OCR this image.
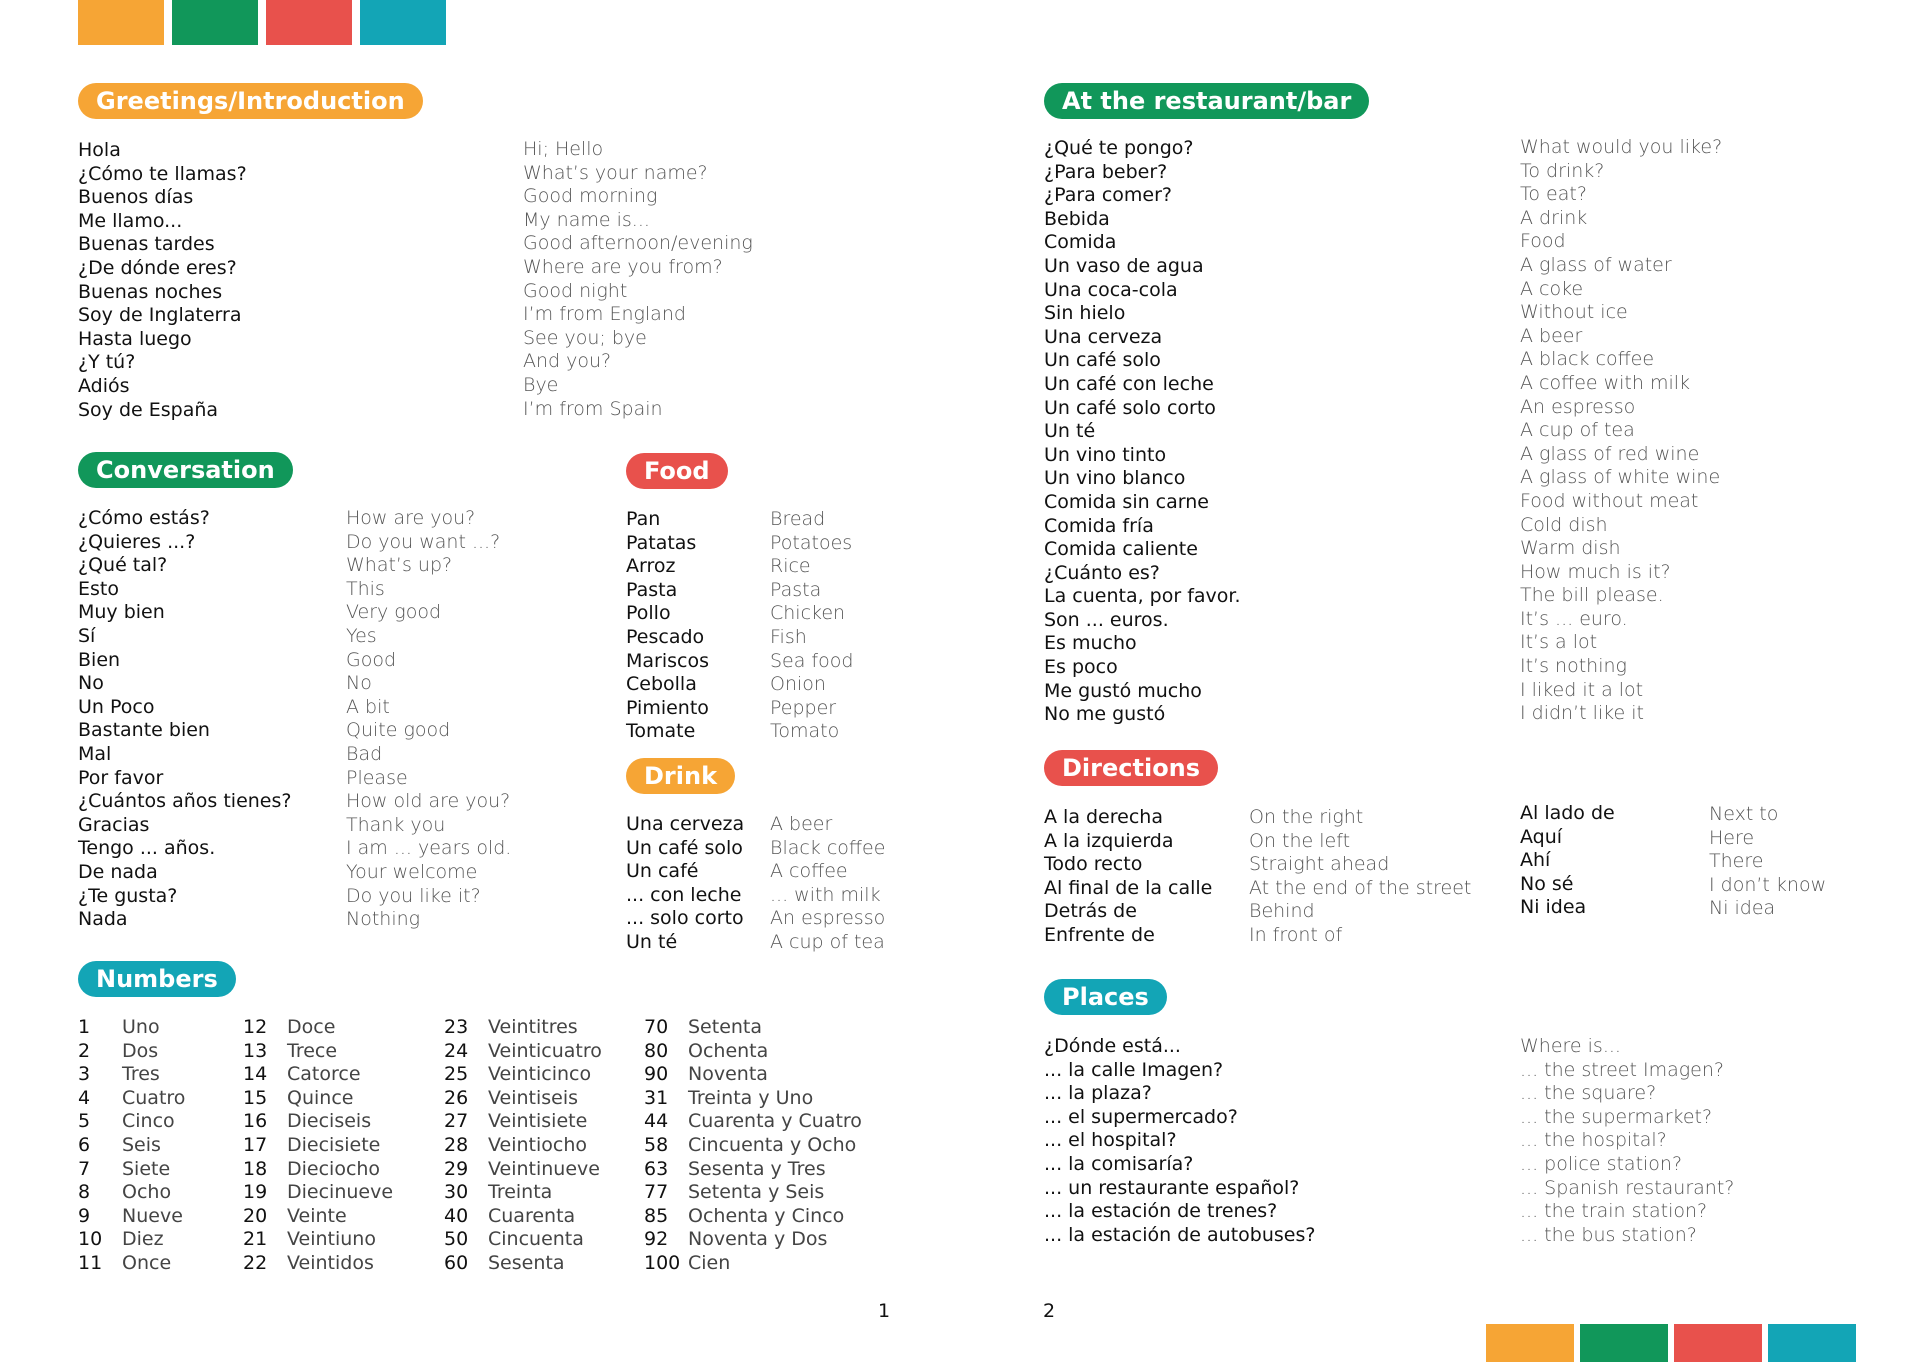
Greetings/Introduction
Hola
¿Cómo te llamas?
Buenos días
Me llamo...
Buenas tardes
¿De dónde eres?
Buenas noches
Soy de Inglaterra
Hasta luego
¿Y tú?
Adiós
Soy de España
Hi; Hello
What’s your name?
Good morning
My name is...
Good afternoon/evening
Where are you from?
Good night
I’m from England
See you; bye
And you?
Bye
I’m from Spain
Conversation
¿Cómo estás?
¿Quieres ...?
¿Qué tal?
Esto
Muy bien
Sí
Bien
No
Un Poco
Bastante bien
Mal
Por favor
¿Cuántos años tienes?
Gracias
Tengo ... años.
De nada
¿Te gusta?
Nada
How are you?
Do you want ...?
What’s up?
This
Very good
Yes
Good
No
A bit
Quite good
Bad
Please
How old are you?
Thank you
I am ... years old.
Your welcome
Do you like it?
Nothing
Food
Pan
Patatas
Arroz
Pasta
Pollo
Pescado
Mariscos
Cebolla
Pimiento
Tomate
Bread
Potatoes
Rice
Pasta
Chicken
Fish
Sea food
Onion
Pepper
Tomato
Drink
Una cerveza
Un café solo
Un café
... con leche
... solo corto
Un té
A beer
Black coffee
A coffee
... with milk
An espresso
A cup of tea
Numbers
1 Uno
2 Dos
3 Tres
4 Cuatro
5 Cinco
6 Seis
7 Siete
8 Ocho
9 Nueve
10 Diez
11 Once
12 Doce
13 Trece
14 Catorce
15 Quince
16 Dieciseis
17 Diecisiete
18 Dieciocho
19 Diecinueve
20 Veinte
21 Veintiuno
22 Veintidos
23 Veintitres
24 Veinticuatro
25 Veinticinco
26 Veintiseis
27 Veintisiete
28 Veintiocho
29 Veintinueve
30 Treinta
40 Cuarenta
50 Cincuenta
60 Sesenta
70 Setenta
80 Ochenta
90 Noventa
31 Treinta y Uno
44 Cuarenta y Cuatro
58 Cincuenta y Ocho
63 Sesenta y Tres
77 Setenta y Seis
85 Ochenta y Cinco
92 Noventa y Dos
100 Cien
1	2
At the restaurant/bar
¿Qué te pongo?
¿Para beber?
¿Para comer?
Bebida
Comida
Un vaso de agua
Una coca-cola
Sin hielo
Una cerveza
Un café solo
Un café con leche
Un café solo corto
Un té
Un vino tinto
Un vino blanco
Comida sin carne
Comida fría
Comida caliente
¿Cuánto es?
La cuenta, por favor.
Son ... euros.
Es mucho
Es poco
Me gustó mucho
No me gustó
What would you like?
To drink?
To eat?
A drink
Food
A glass of water
A coke
Without ice
A beer
A black coffee
A coffee with milk
An espresso
A cup of tea
A glass of red wine
A glass of white wine
Food without meat
Cold dish
Warm dish
How much is it?
The bill please.
It’s ... euro.
It’s a lot
It’s nothing
I liked it a lot
I didn’t like it
Directions
A la derecha
A la izquierda
Todo recto
Al final de la calle
Detrás de
Enfrente de
On the right
On the left
Straight ahead
At the end of the street
Behind
In front of
Al lado de
Aquí
Ahí
No sé
Ni idea
Next to
Here
There
I don’t know
Ni idea
Places
¿Dónde está...
... la calle Imagen?
... la plaza?
... el supermercado?
... el hospital?
... la comisaría?
... un restaurante español?
... la estación de trenes?
... la estación de autobuses?
Where is...
... the street Imagen?
... the square?
... the supermarket?
... the hospital?
... police station?
... Spanish restaurant?
... the train station?
... the bus station?
